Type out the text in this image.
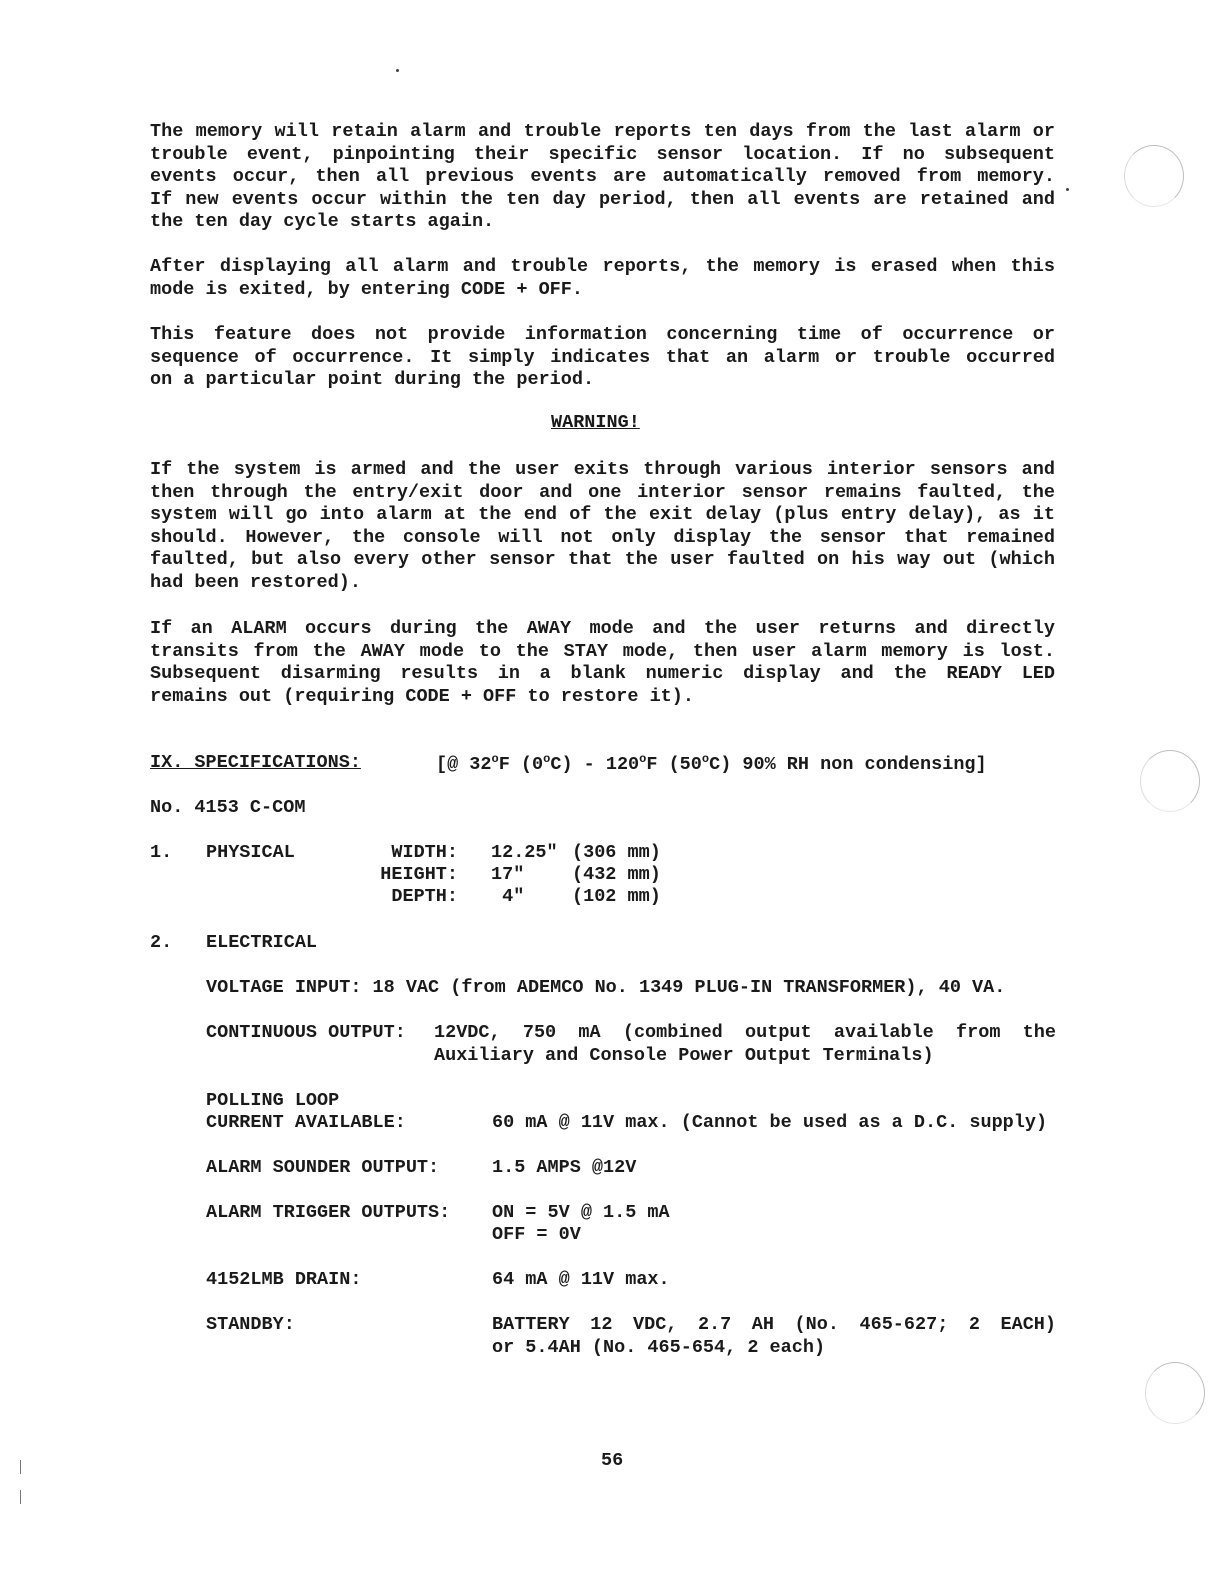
The memory will retain alarm and trouble reports ten days from the last alarm or
trouble event, pinpointing their specific sensor location. If no subsequent
events occur, then all previous events are automatically removed from memory.
If new events occur within the ten day period, then all events are retained and
the ten day cycle starts again.
After displaying all alarm and trouble reports, the memory is erased when this
mode is exited, by entering CODE + OFF.
This feature does not provide information concerning time of occurrence or
sequence of occurrence. It simply indicates that an alarm or trouble occurred
on a particular point during the period.
WARNING!
If the system is armed and the user exits through various interior sensors and
then through the entry/exit door and one interior sensor remains faulted, the
system will go into alarm at the end of the exit delay (plus entry delay), as it
should. However, the console will not only display the sensor that remained
faulted, but also every other sensor that the user faulted on his way out (which
had been restored).
If an ALARM occurs during the AWAY mode and the user returns and directly
transits from the AWAY mode to the STAY mode, then user alarm memory is lost.
Subsequent disarming results in a blank numeric display and the READY LED
remains out (requiring CODE + OFF to restore it).
IX. SPECIFICATIONS:	[@ 32$^o$F (0$^o$C) - 120$^o$F (50$^o$C) 90% RH non condensing]
No. 4153 C-COM
1. PHYSICAL	WIDTH: 12.25" (306 mm)
HEIGHT: 17"	(432 mm)
DEPTH: 4"	(102 mm)
2. ELECTRICAL
VOLTAGE INPUT: 18 VAC (from ADEMCO No. 1349 PLUG-IN TRANSFORMER), 40 VA.
CONTINUOUS OUTPUT: 12VDC, 750 mA (combined output available from the
Auxiliary and Console Power Output Terminals)
POLLING LOOP
CURRENT AVAILABLE:	60 mA @ 11V max. (Cannot be used as a D.C. supply)
ALARM SOUNDER OUTPUT:	1.5 AMPS @12V
ALARM TRIGGER OUTPUTS: ON = 5V @ 1.5 mA
OFF = 0V
4152LMB DRAIN:	64 mA @ 11V max.
STANDBY:	BATTERY 12 VDC, 2.7 AH (No. 465-627; 2 EACH)
or 5.4AH (No. 465-654, 2 each)
56
